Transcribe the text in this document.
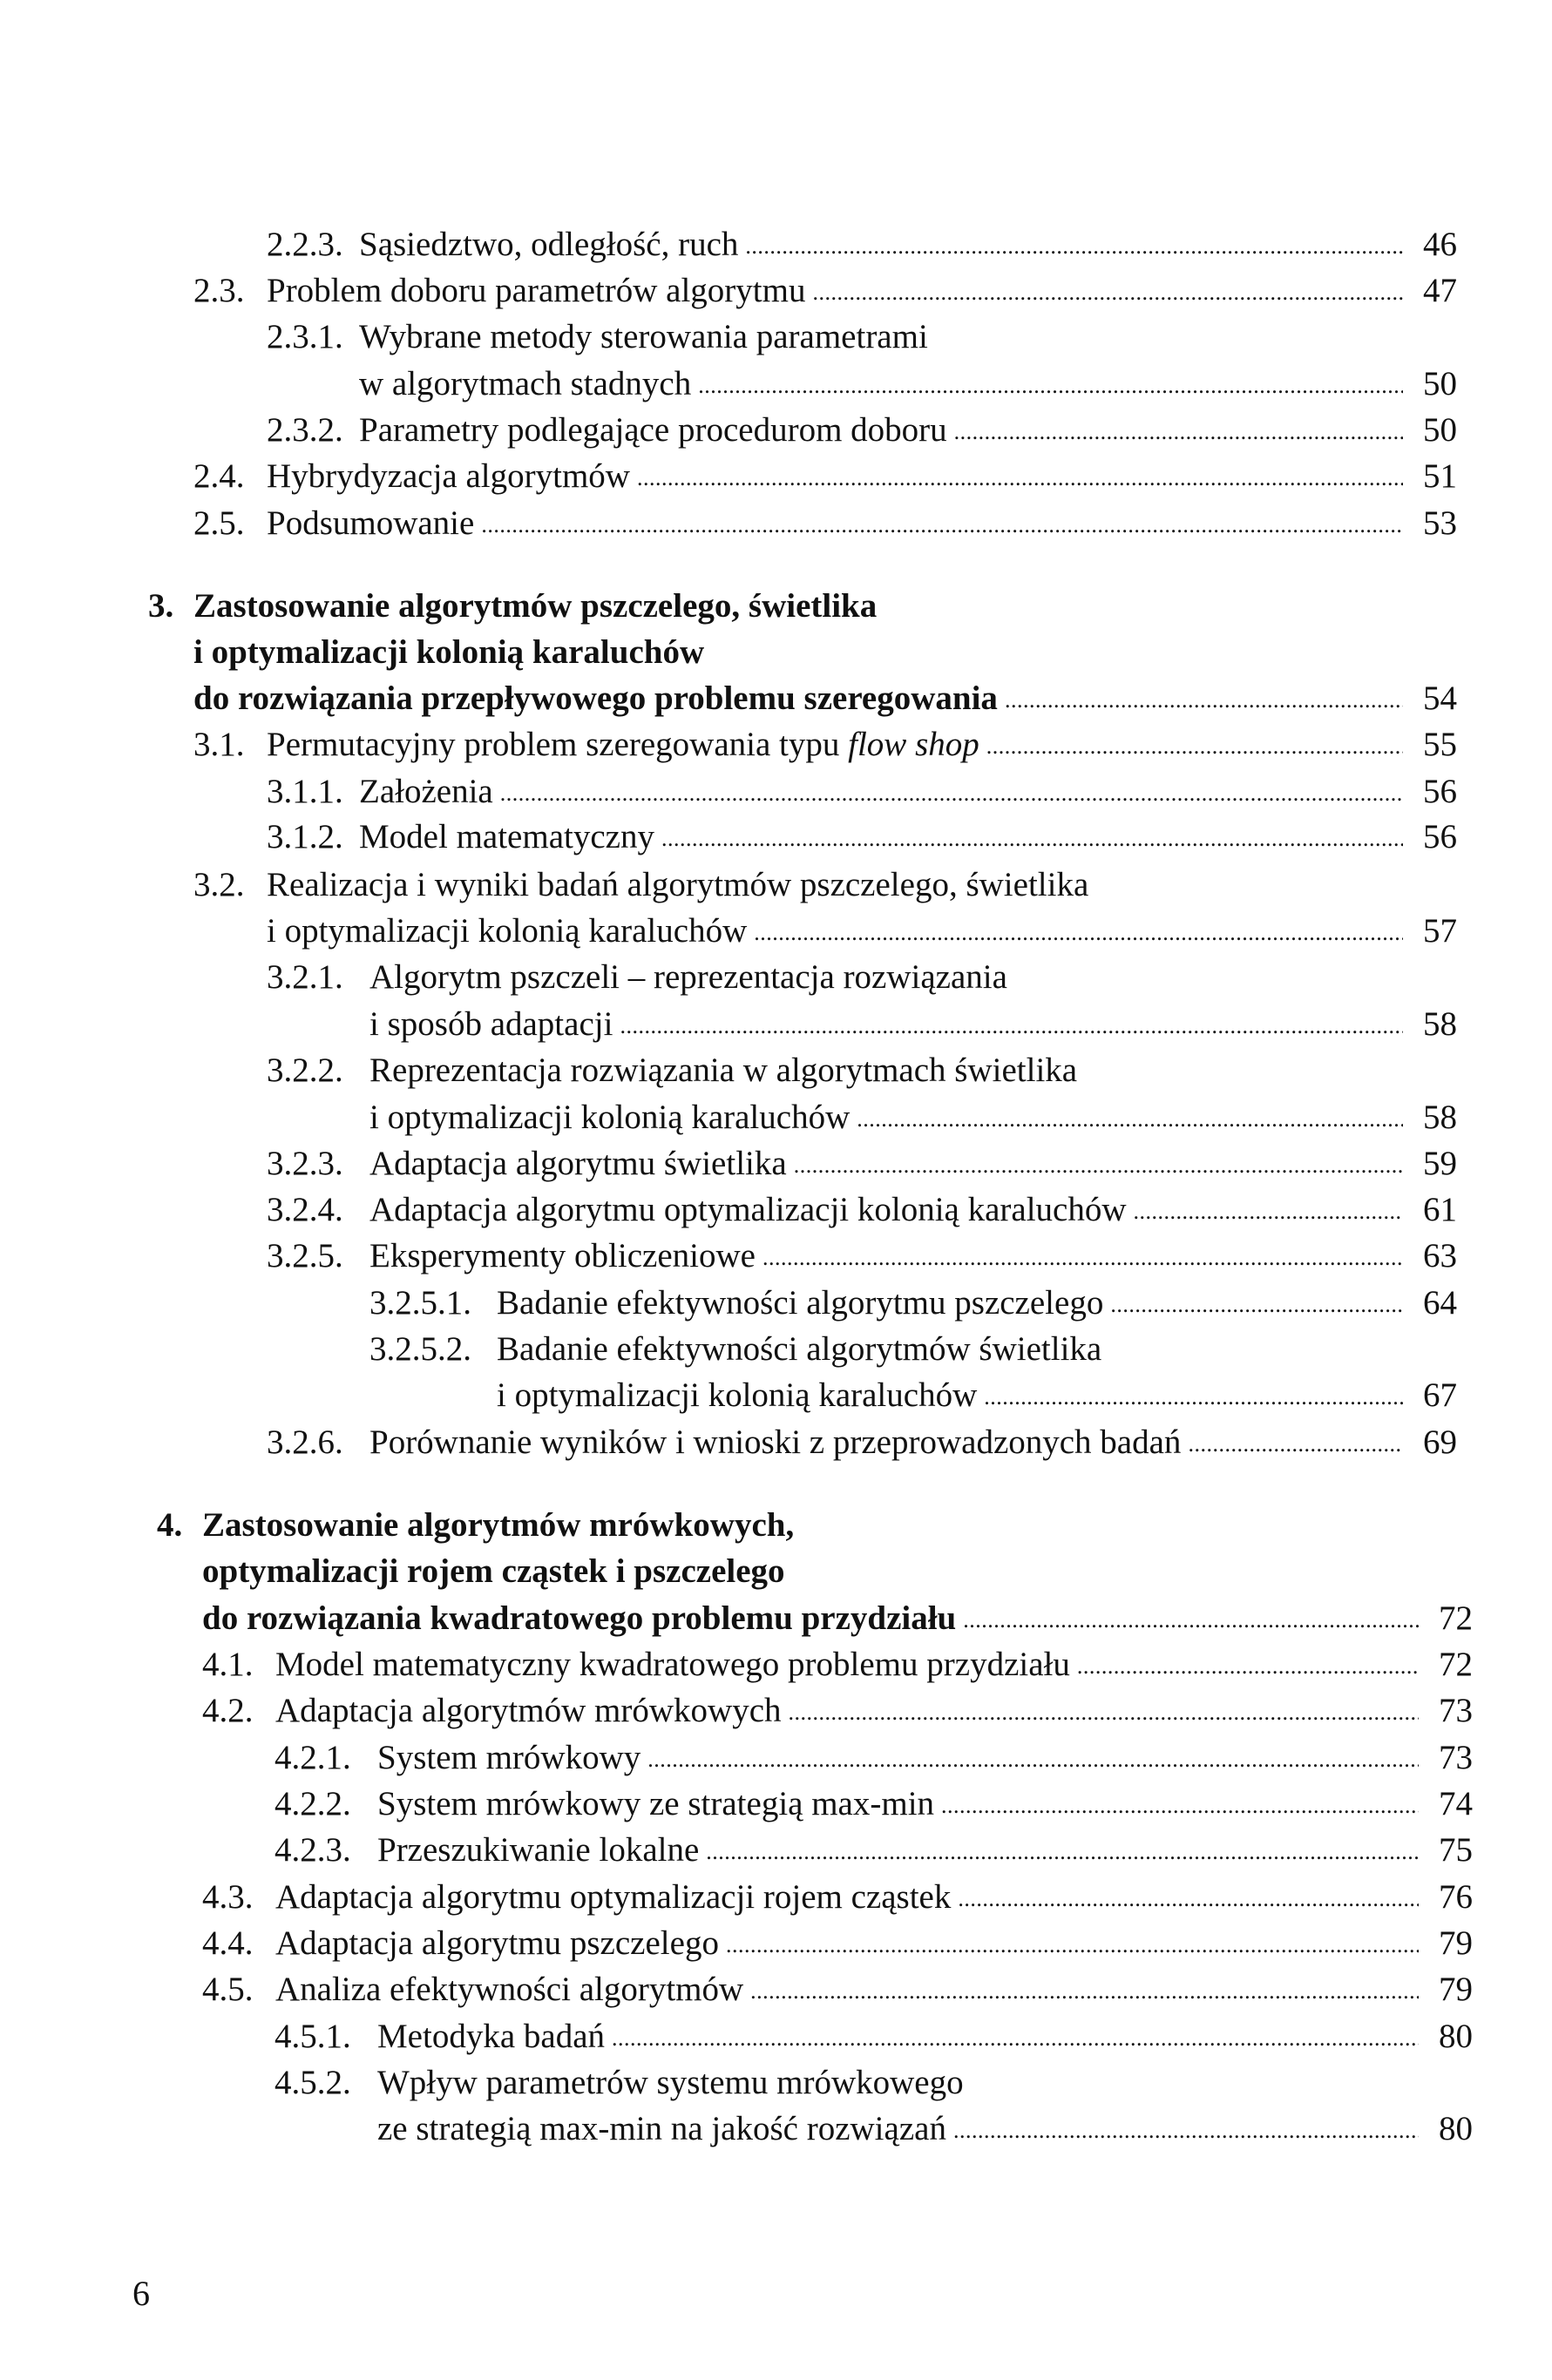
2.2.3. Sąsiedztwo, odległość, ruch . . .	46
2.3. Problem doboru parametrów algorytmu . . .	47
2.3.1. Wybrane metody sterowania parametrami
w algorytmach stadnych . . .	50
2.3.2. Parametry podlegające procedurom doboru . . .	50
2.4. Hybrydyzacja algorytmów . . .	51
2.5. Podsumowanie . . .	53
3. Zastosowanie algorytmów pszczelego, świetlika
i optymalizacji kolonią karaluchów
do rozwiązania przepływowego problemu szeregowania . . .	54
3.1. Permutacyjny problem szeregowania typu flow shop . . .	55
3.1.1. Założenia . . .	56
3.1.2. Model matematyczny . . .	56
3.2. Realizacja i wyniki badań algorytmów pszczelego, świetlika
i optymalizacji kolonią karaluchów . . .	57
3.2.1. Algorytm pszczeli – reprezentacja rozwiązania
i sposób adaptacji . . .	58
3.2.2. Reprezentacja rozwiązania w algorytmach świetlika
i optymalizacji kolonią karaluchów . . .	58
3.2.3. Adaptacja algorytmu świetlika . . .	59
3.2.4. Adaptacja algorytmu optymalizacji kolonią karaluchów . . .	61
3.2.5. Eksperymenty obliczeniowe . . .	63
3.2.5.1. Badanie efektywności algorytmu pszczelego . . .	64
3.2.5.2. Badanie efektywności algorytmów świetlika
i optymalizacji kolonią karaluchów . . .	67
3.2.6. Porównanie wyników i wnioski z przeprowadzonych badań . . .	69
4. Zastosowanie algorytmów mrówkowych,
optymalizacji rojem cząstek i pszczelego
do rozwiązania kwadratowego problemu przydziału . . .	72
4.1. Model matematyczny kwadratowego problemu przydziału . . .	72
4.2. Adaptacja algorytmów mrówkowych . . .	73
4.2.1. System mrówkowy . . .	73
4.2.2. System mrówkowy ze strategią max-min . . .	74
4.2.3. Przeszukiwanie lokalne . . .	75
4.3. Adaptacja algorytmu optymalizacji rojem cząstek . . .	76
4.4. Adaptacja algorytmu pszczelego . . .	79
4.5. Analiza efektywności algorytmów . . .	79
4.5.1. Metodyka badań . . .	80
4.5.2. Wpływ parametrów systemu mrówkowego
ze strategią max-min na jakość rozwiązań . . .	80
6
